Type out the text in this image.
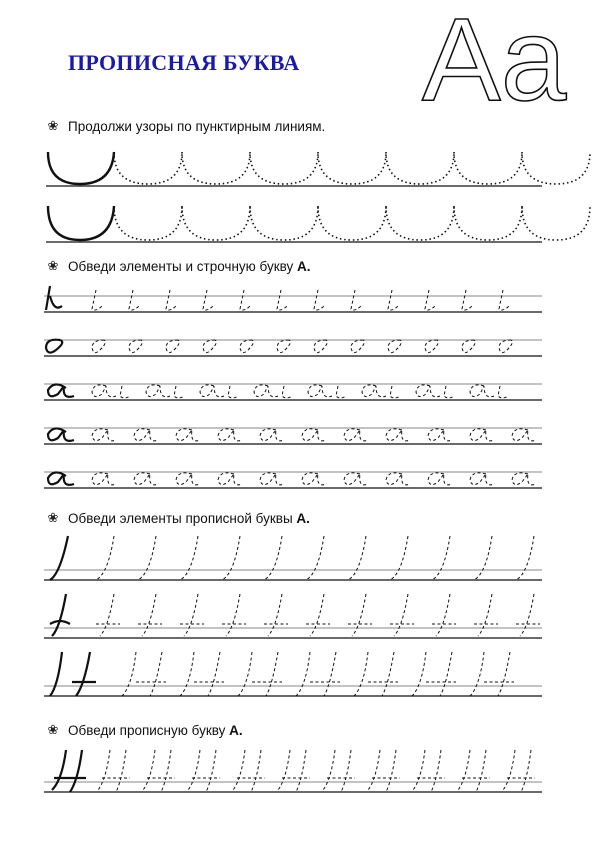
ПРОПИСНАЯ БУКВА Aa
❀ Продолжи узоры по пунктирным линиям.
❀ Обведи элементы и строчную букву А.
❀ Обведи элементы прописной буквы А.
❀ Обведи прописную букву А.
